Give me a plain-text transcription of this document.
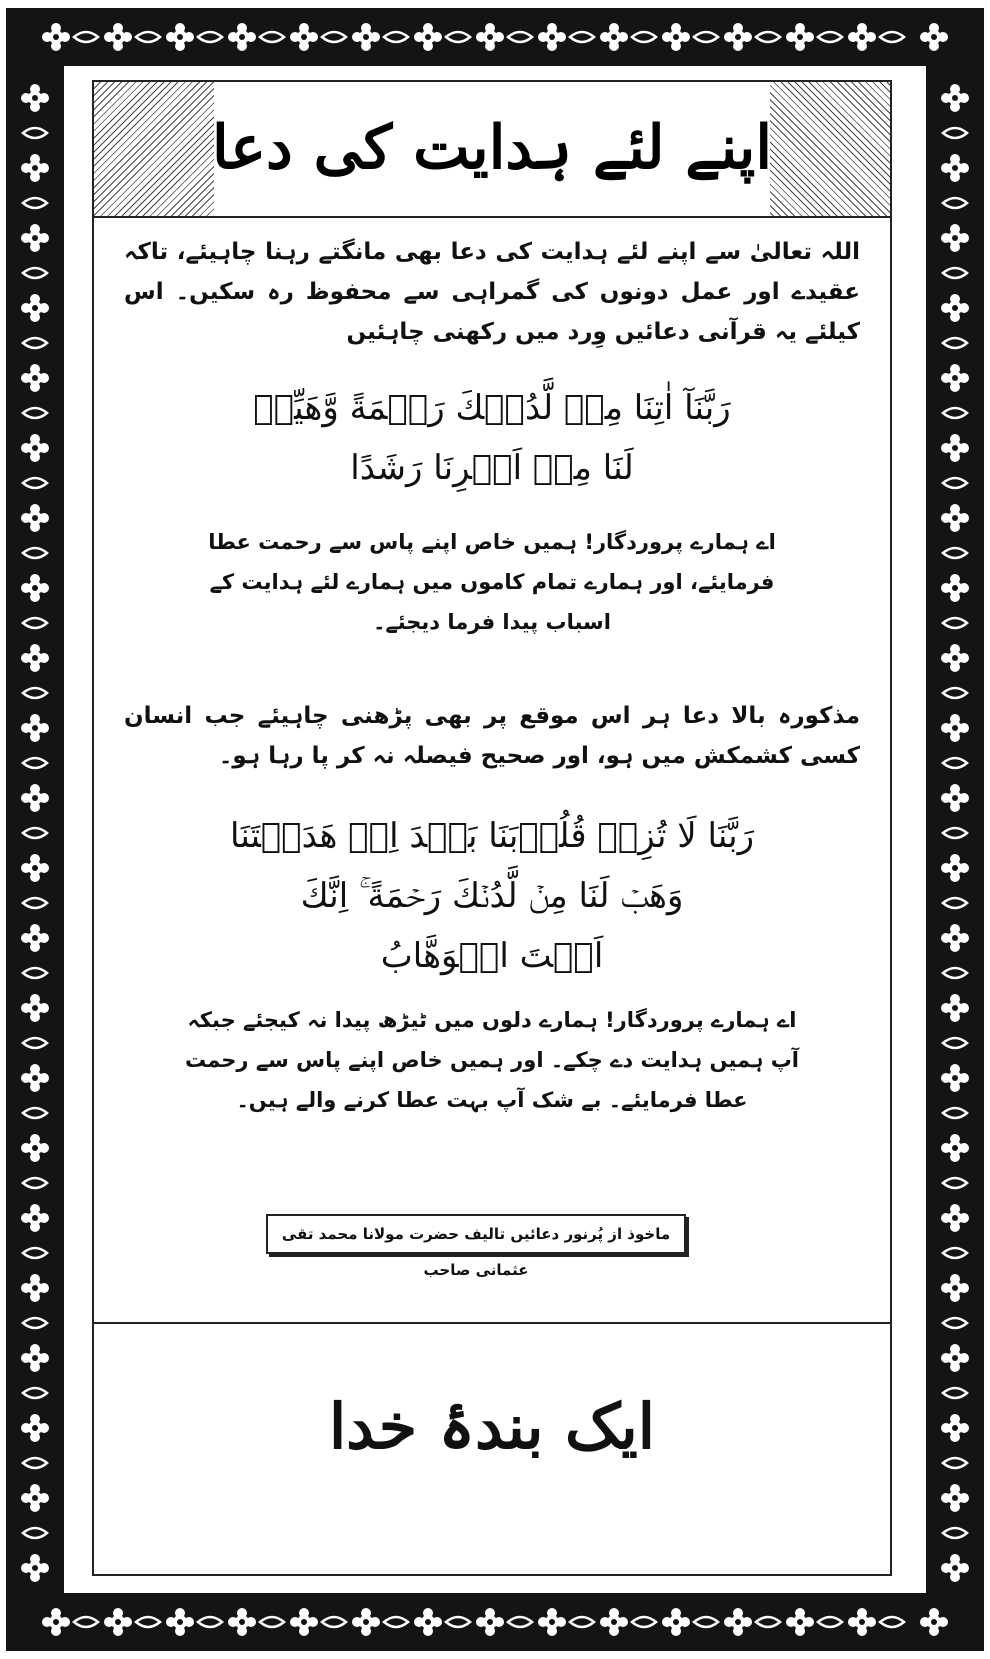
اپنے لئے ہدایت کی دعا
اللہ تعالیٰ سے اپنے لئے ہدایت کی دعا بھی مانگتے رہنا چاہیئے، تاکہ عقیدے اور عمل دونوں کی گمراہی سے محفوظ رہ سکیں۔ اس کیلئے یہ قرآنی دعائیں وِرد میں رکھنی چاہئیں
رَبَّنَآ اٰتِنَا مِنۡ لَّدُنۡكَ رَحۡمَةً وَّهَيِّئۡ
لَنَا مِنۡ اَمۡرِنَا رَشَدًا
اے ہمارے پروردگار! ہمیں خاص اپنے پاس سے رحمت عطا فرمایئے، اور ہمارے تمام کاموں میں ہمارے لئے ہدایت کے اسباب پیدا فرما دیجئے۔
مذکورہ بالا دعا ہر اس موقع پر بھی پڑھنی چاہیئے جب انسان کسی کشمکش میں ہو، اور صحیح فیصلہ نہ کر پا رہا ہو۔
رَبَّنَا لَا تُزِغۡ قُلُوۡبَنَا بَعۡدَ اِذۡ هَدَيۡتَنَا
وَهَبۡ لَنَا مِنۡ لَّدُنۡكَ رَحۡمَةً ۚ اِنَّكَ
اَنۡتَ الۡوَهَّابُ
اے ہمارے پروردگار! ہمارے دلوں میں ٹیڑھ پیدا نہ کیجئے جبکہ آپ ہمیں ہدایت دے چکے۔ اور ہمیں خاص اپنے پاس سے رحمت عطا فرمایئے۔ بے شک آپ بہت عطا کرنے والے ہیں۔
ماخوذ از پُرنور دعائیں تالیف حضرت مولانا محمد تقی عثمانی صاحب
ایک بندۂ خدا
